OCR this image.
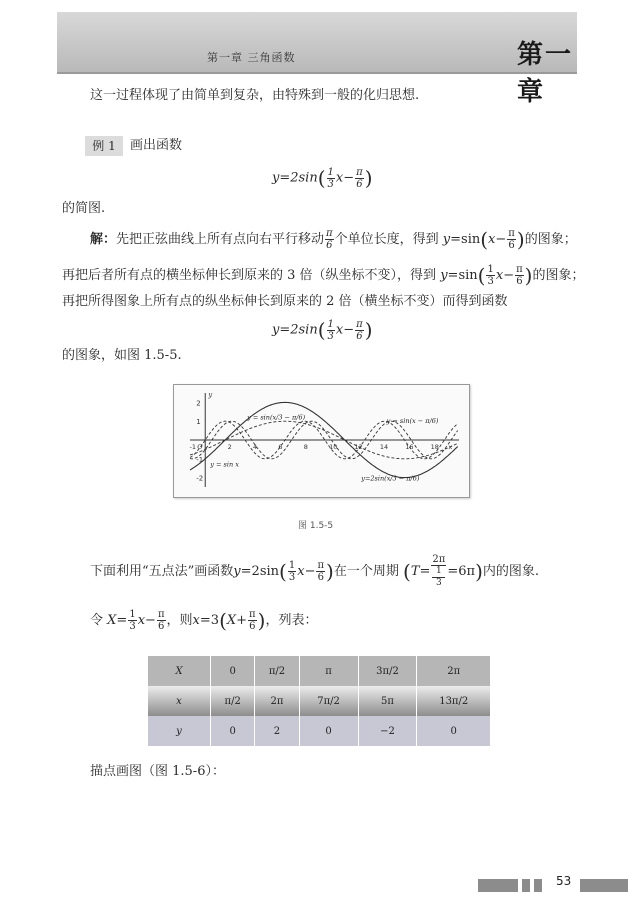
第一章 三角函数	第一章
这一过程体现了由简单到复杂，由特殊到一般的化归思想.
例 1	画出函数
$y=2\sin( \frac{1}{3} x- \frac{\pi}{6}$ )
的简图.
解：先把正弦曲线上所有点向右平行移动 $\frac{\pi}{6}$ 个单位长度，得到 $y=\sin(x- \frac{\pi}{6}$ )的图象；
再把后者所有点的横坐标伸长到原来的 3 倍（纵坐标不变），得到 $y=\sin( \frac{1}{3} x- \frac{\pi}{6}$ )的图象；
再把所得图象上所有点的纵坐标伸长到原来的 2 倍（横坐标不变）而得到函数
$y=2\sin( \frac{1}{3} x- \frac{\pi}{6}$ )
的图象，如图 1.5-5.
2
1
-1
-2
-1	2	4	6	8	10	12	14	16	18 x
y
O
y = sin x
y = sin(x/3 − π/6)	y = sin(x − π/6)
y=2sin(x/3 − π/6)
图 1.5-5
下面利用“五点法”画函数$y=2\sin( \frac{1}{3} x- \frac{\pi}{6}$ )在一个周期 (T= 2π
1
3 =6π)内的图象.
令 $X= \frac{1}{3} x- \frac{\pi}{6}$ ，则$x=3(X+ \frac{\pi}{6}$ )，列表：
X	0	π/2	π	3π/2	2π
x	π/2	2π	7π/2	5π	13π/2
y	0	2	0	−2	0
描点画图（图 1.5-6）：
53
